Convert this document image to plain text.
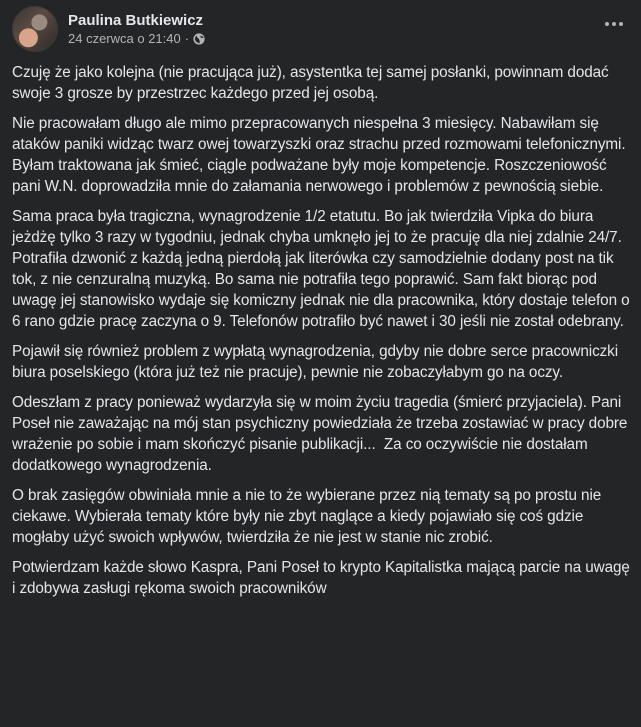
Paulina Butkiewicz
24 czerwca o 21:40 ·

Czuję że jako kolejna (nie pracująca już), asystentka tej samej posłanki, powinnam dodać swoje 3 grosze by przestrzec każdego przed jej osobą.

Nie pracowałam długo ale mimo przepracowanych niespełna 3 miesięcy. Nabawiłam się ataków paniki widząc twarz owej towarzyszki oraz strachu przed rozmowami telefonicznymi. Byłam traktowana jak śmieć, ciągle podważane były moje kompetencje. Roszczeniowość pani W.N. doprowadziła mnie do załamania nerwowego i problemów z pewnością siebie.

Sama praca była tragiczna, wynagrodzenie 1/2 etatutu. Bo jak twierdziła Vipka do biura jeżdżę tylko 3 razy w tygodniu, jednak chyba umknęło jej to że pracuję dla niej zdalnie 24/7.

Potrafiła dzwonić z każdą jedną pierdołą jak literówka czy samodzielnie dodany post na tik tok, z nie cenzuralną muzyką. Bo sama nie potrafiła tego poprawić. Sam fakt biorąc pod uwagę jej stanowisko wydaje się komiczny jednak nie dla pracownika, który dostaje telefon o 6 rano gdzie pracę zaczyna o 9. Telefonów potrafiło być nawet i 30 jeśli nie został odebrany.

Pojawił się również problem z wypłatą wynagrodzenia, gdyby nie dobre serce pracowniczki biura poselskiego (która już też nie pracuje), pewnie nie zobaczyłabym go na oczy.

Odeszłam z pracy ponieważ wydarzyła się w moim życiu tragedia (śmierć przyjaciela). Pani Poseł nie zaważając na mój stan psychiczny powiedziała że trzeba zostawiać w pracy dobre wrażenie po sobie i mam skończyć pisanie publikacji...  Za co oczywiście nie dostałam dodatkowego wynagrodzenia.

O brak zasięgów obwiniała mnie a nie to że wybierane przez nią tematy są po prostu nie ciekawe. Wybierała tematy które były nie zbyt naglące a kiedy pojawiało się coś gdzie mogłaby użyć swoich wpływów, twierdziła że nie jest w stanie nic zrobić.

Potwierdzam każde słowo Kaspra, Pani Poseł to krypto Kapitalistka mającą parcie na uwagę i zdobywa zasługi rękoma swoich pracowników
